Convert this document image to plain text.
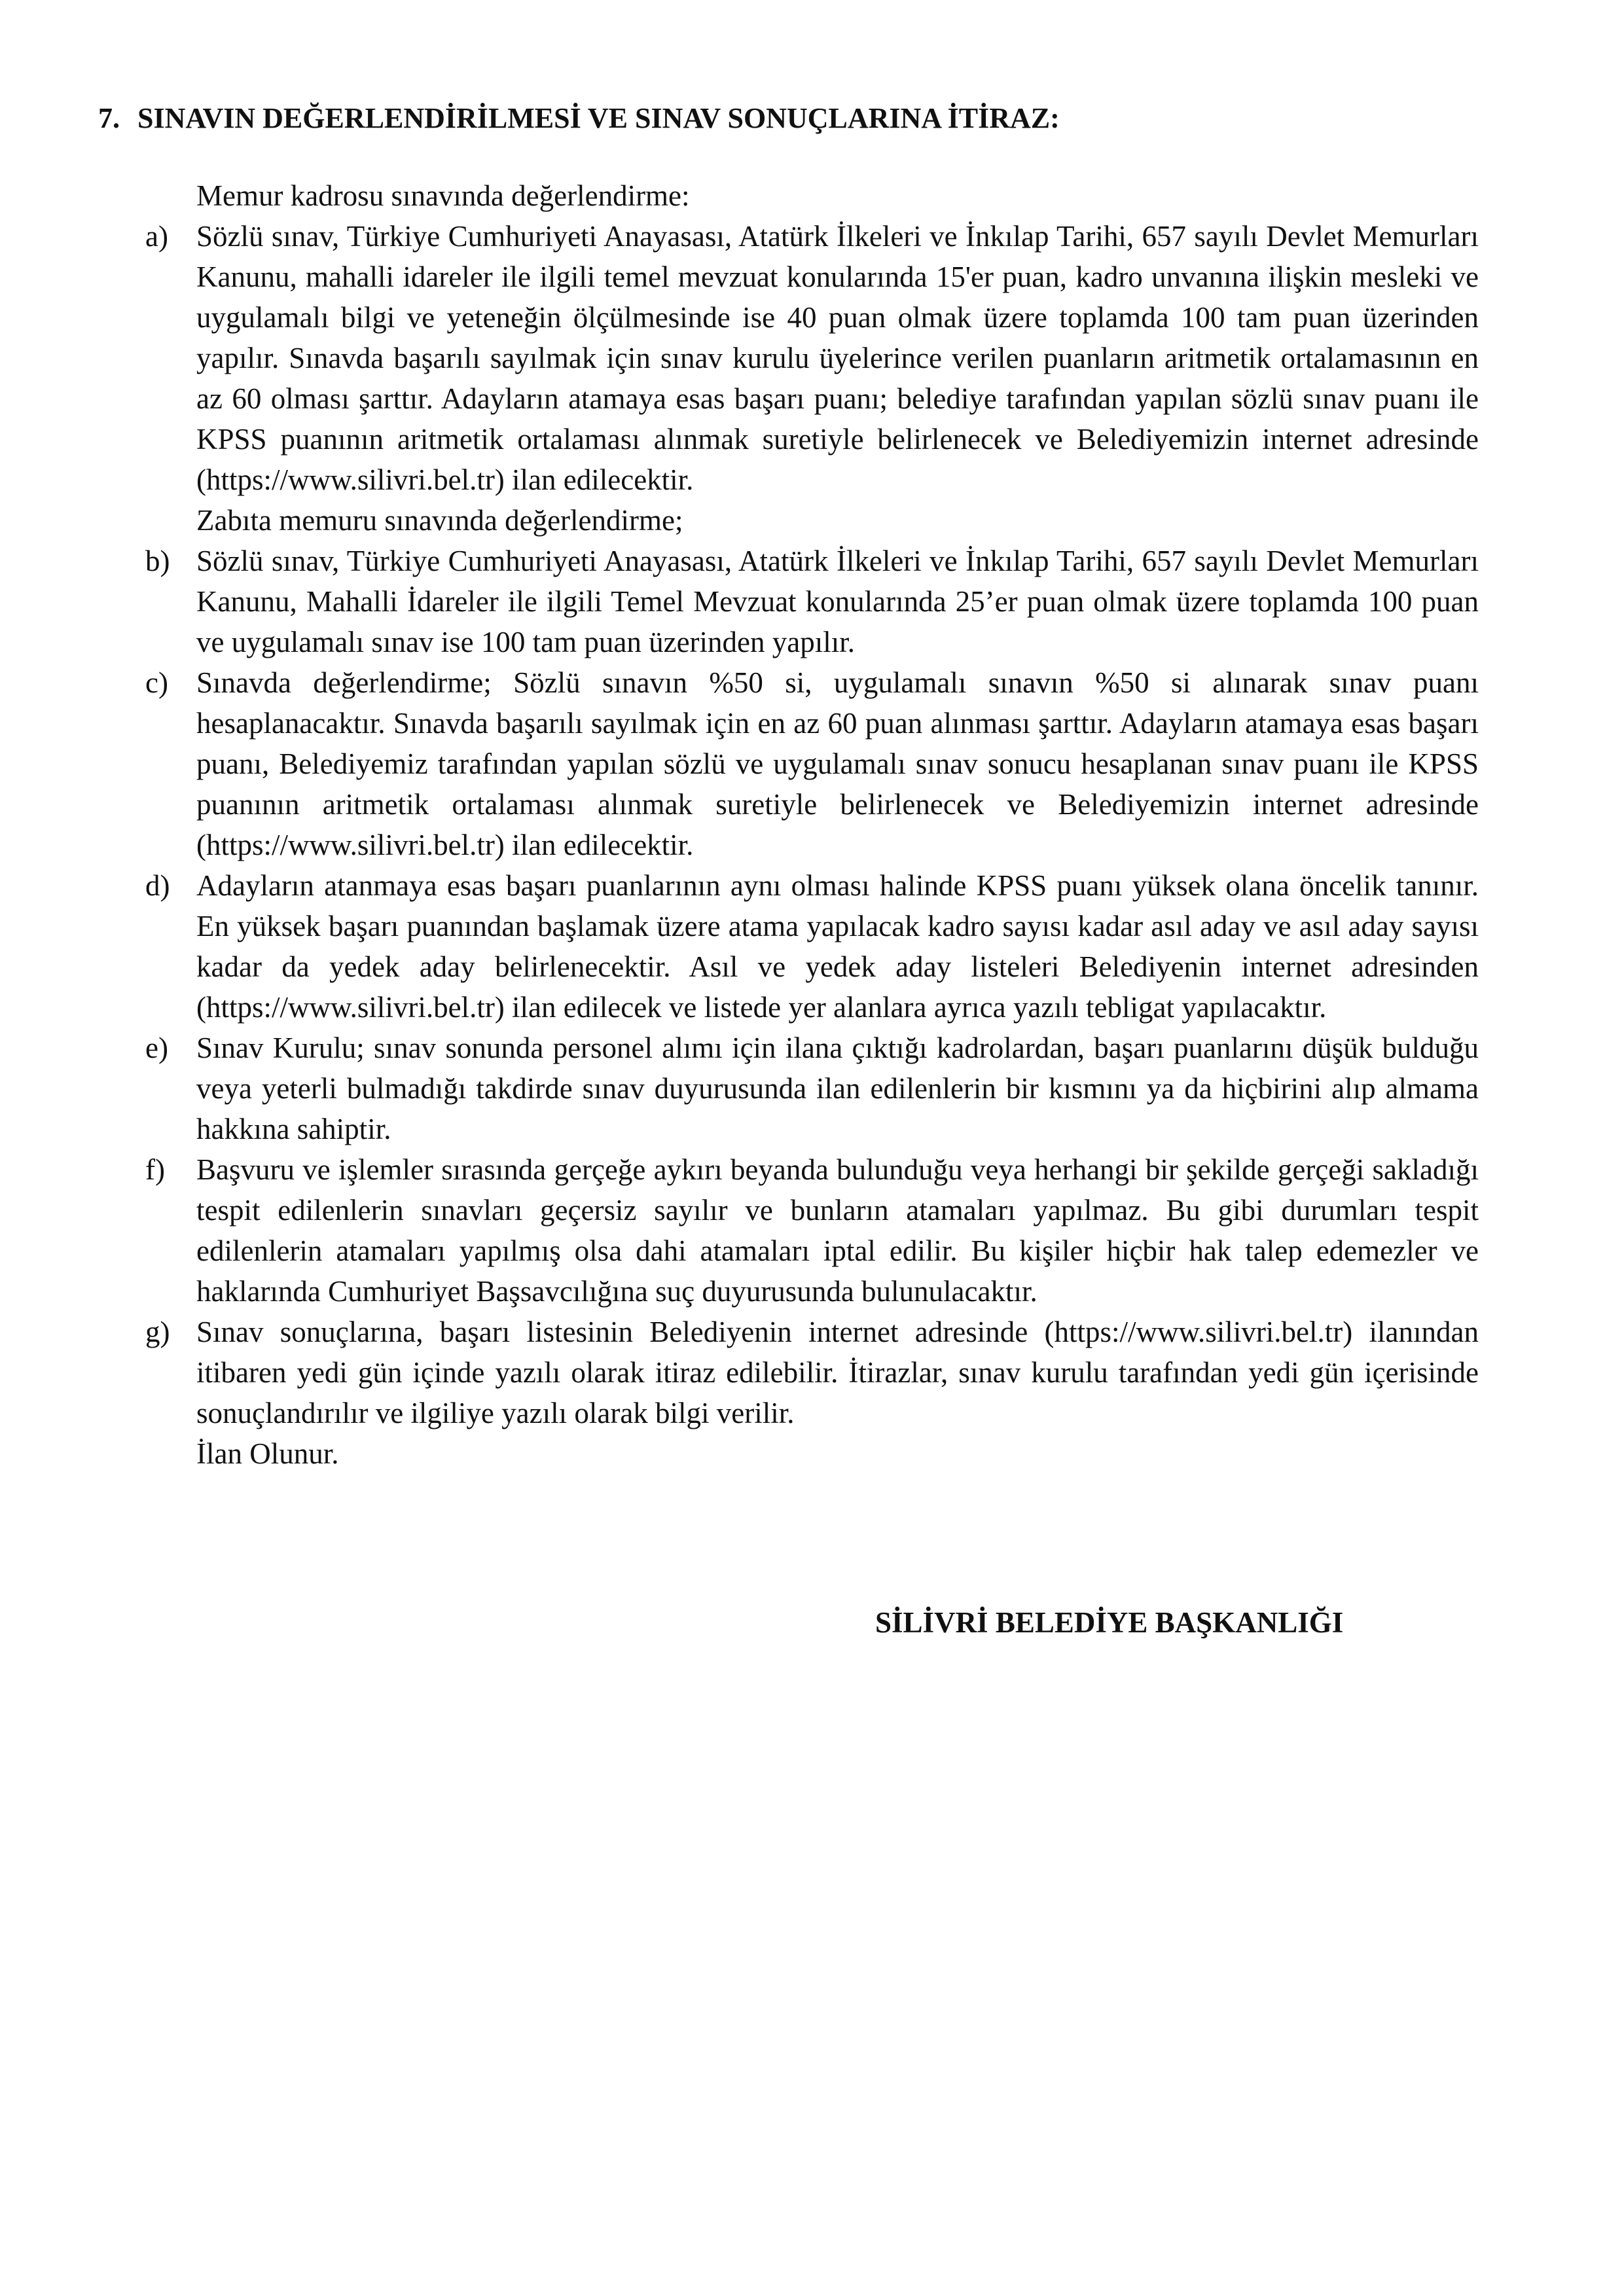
7. SINAVIN DEĞERLENDİRİLMESİ VE SINAV SONUÇLARINA İTİRAZ:

Memur kadrosu sınavında değerlendirme:

a) Sözlü sınav, Türkiye Cumhuriyeti Anayasası, Atatürk İlkeleri ve İnkılap Tarihi, 657 sayılı Devlet Memurları Kanunu, mahalli idareler ile ilgili temel mevzuat konularında 15'er puan, kadro unvanına ilişkin mesleki ve uygulamalı bilgi ve yeteneğin ölçülmesinde ise 40 puan olmak üzere toplamda 100 tam puan üzerinden yapılır. Sınavda başarılı sayılmak için sınav kurulu üyelerince verilen puanların aritmetik ortalamasının en az 60 olması şarttır. Adayların atamaya esas başarı puanı; belediye tarafından yapılan sözlü sınav puanı ile KPSS puanının aritmetik ortalaması alınmak suretiyle belirlenecek ve Belediyemizin internet adresinde (https://www.silivri.bel.tr) ilan edilecektir.

Zabıta memuru sınavında değerlendirme;

b) Sözlü sınav, Türkiye Cumhuriyeti Anayasası, Atatürk İlkeleri ve İnkılap Tarihi, 657 sayılı Devlet Memurları Kanunu, Mahalli İdareler ile ilgili Temel Mevzuat konularında 25’er puan olmak üzere toplamda 100 puan ve uygulamalı sınav ise 100 tam puan üzerinden yapılır.
c) Sınavda değerlendirme; Sözlü sınavın %50 si, uygulamalı sınavın %50 si alınarak sınav puanı hesaplanacaktır. Sınavda başarılı sayılmak için en az 60 puan alınması şarttır. Adayların atamaya esas başarı puanı, Belediyemiz tarafından yapılan sözlü ve uygulamalı sınav sonucu hesaplanan sınav puanı ile KPSS puanının aritmetik ortalaması alınmak suretiyle belirlenecek ve Belediyemizin internet adresinde (https://www.silivri.bel.tr) ilan edilecektir.
d) Adayların atanmaya esas başarı puanlarının aynı olması halinde KPSS puanı yüksek olana öncelik tanınır. En yüksek başarı puanından başlamak üzere atama yapılacak kadro sayısı kadar asıl aday ve asıl aday sayısı kadar da yedek aday belirlenecektir. Asıl ve yedek aday listeleri Belediyenin internet adresinden (https://www.silivri.bel.tr) ilan edilecek ve listede yer alanlara ayrıca yazılı tebligat yapılacaktır.
e) Sınav Kurulu; sınav sonunda personel alımı için ilana çıktığı kadrolardan, başarı puanlarını düşük bulduğu veya yeterli bulmadığı takdirde sınav duyurusunda ilan edilenlerin bir kısmını ya da hiçbirini alıp almama hakkına sahiptir.
f)	Başvuru ve işlemler sırasında gerçeğe aykırı beyanda bulunduğu veya herhangi bir şekilde gerçeği sakladığı tespit edilenlerin sınavları geçersiz sayılır ve bunların atamaları yapılmaz. Bu gibi durumları tespit edilenlerin atamaları yapılmış olsa dahi atamaları iptal edilir. Bu kişiler hiçbir hak talep edemezler ve haklarında Cumhuriyet Başsavcılığına suç duyurusunda bulunulacaktır.
g) Sınav sonuçlarına, başarı listesinin Belediyenin internet adresinde (https://www.silivri.bel.tr) ilanından itibaren yedi gün içinde yazılı olarak itiraz edilebilir. İtirazlar, sınav kurulu tarafından yedi gün içerisinde sonuçlandırılır ve ilgiliye yazılı olarak bilgi verilir.

İlan Olunur.

SİLİVRİ BELEDİYE BAŞKANLIĞI
